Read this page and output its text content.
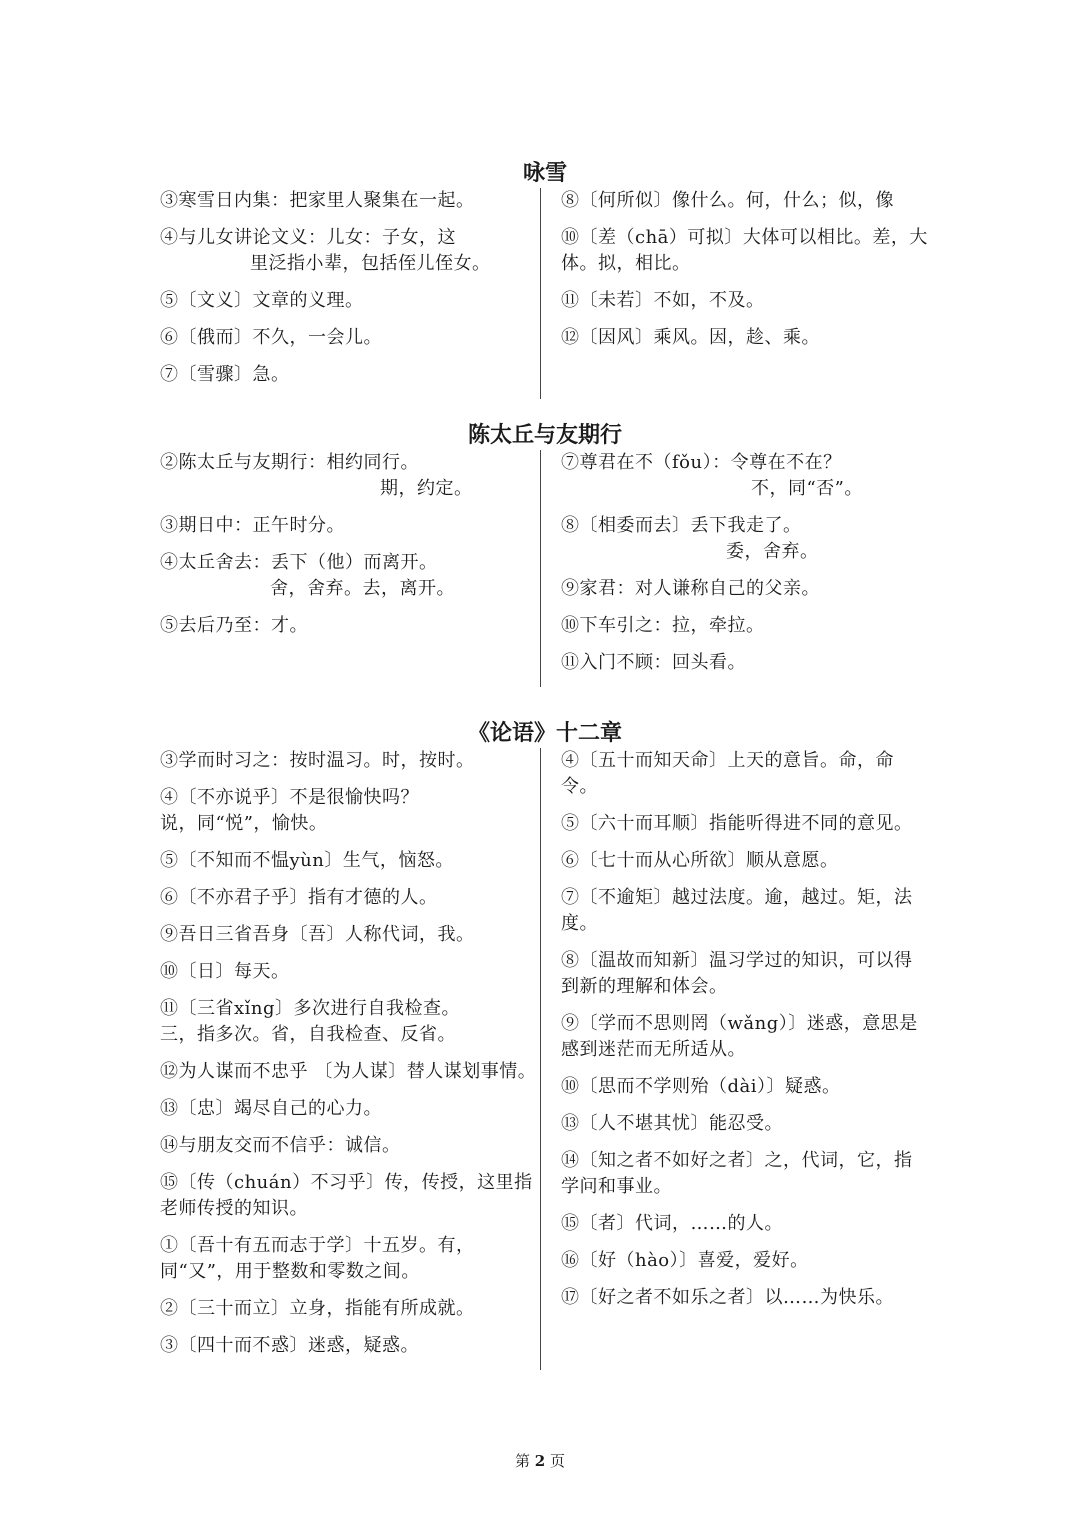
咏雪
③寒雪日内集：把家里人聚集在一起。
④与儿女讲论文义：儿女：子女，这
里泛指小辈，包括侄儿侄女。
⑤〔文义〕文章的义理。
⑥〔俄而〕不久，一会儿。
⑦〔雪骤〕急。
⑧〔何所似〕像什么。何，什么；似，像
⑩〔差（chā）可拟〕大体可以相比。差，大体。拟，相比。
⑪〔未若〕不如，不及。
⑫〔因风〕乘风。因，趁、乘。
陈太丘与友期行
②陈太丘与友期行：相约同行。
期，约定。
③期日中：正午时分。
④太丘舍去：丢下（他）而离开。
舍，舍弃。去，离开。
⑤去后乃至：才。
⑦尊君在不（fǒu）：令尊在不在？
不，同“否”。
⑧〔相委而去〕丢下我走了。
委，舍弃。
⑨家君：对人谦称自己的父亲。
⑩下车引之：拉，牵拉。
⑪入门不顾：回头看。
《论语》十二章
③学而时习之：按时温习。时，按时。
④〔不亦说乎〕不是很愉快吗？
说，同“悦”，愉快。
⑤〔不知而不愠yùn〕生气，恼怒。
⑥〔不亦君子乎〕指有才德的人。
⑨吾日三省吾身〔吾〕人称代词，我。
⑩〔日〕每天。
⑪〔三省xǐng〕多次进行自我检查。
三，指多次。省，自我检查、反省。
⑫为人谋而不忠乎 〔为人谋〕替人谋划事情。
⑬〔忠〕竭尽自己的心力。
⑭与朋友交而不信乎：诚信。
⑮〔传（chuán）不习乎〕传，传授，这里指老师传授的知识。
①〔吾十有五而志于学〕十五岁。有，同“又”，用于整数和零数之间。
②〔三十而立〕立身，指能有所成就。
③〔四十而不惑〕迷惑，疑惑。
④〔五十而知天命〕上天的意旨。命，命令。
⑤〔六十而耳顺〕指能听得进不同的意见。
⑥〔七十而从心所欲〕顺从意愿。
⑦〔不逾矩〕越过法度。逾，越过。矩，法度。
⑧〔温故而知新〕温习学过的知识，可以得到新的理解和体会。
⑨〔学而不思则罔（wǎng）〕迷惑，意思是感到迷茫而无所适从。
⑩〔思而不学则殆（dài）〕疑惑。
⑬〔人不堪其忧〕能忍受。
⑭〔知之者不如好之者〕之，代词，它，指学问和事业。
⑮〔者〕代词，……的人。
⑯〔好（hào）〕喜爱，爱好。
⑰〔好之者不如乐之者〕以……为快乐。
第 2 页
